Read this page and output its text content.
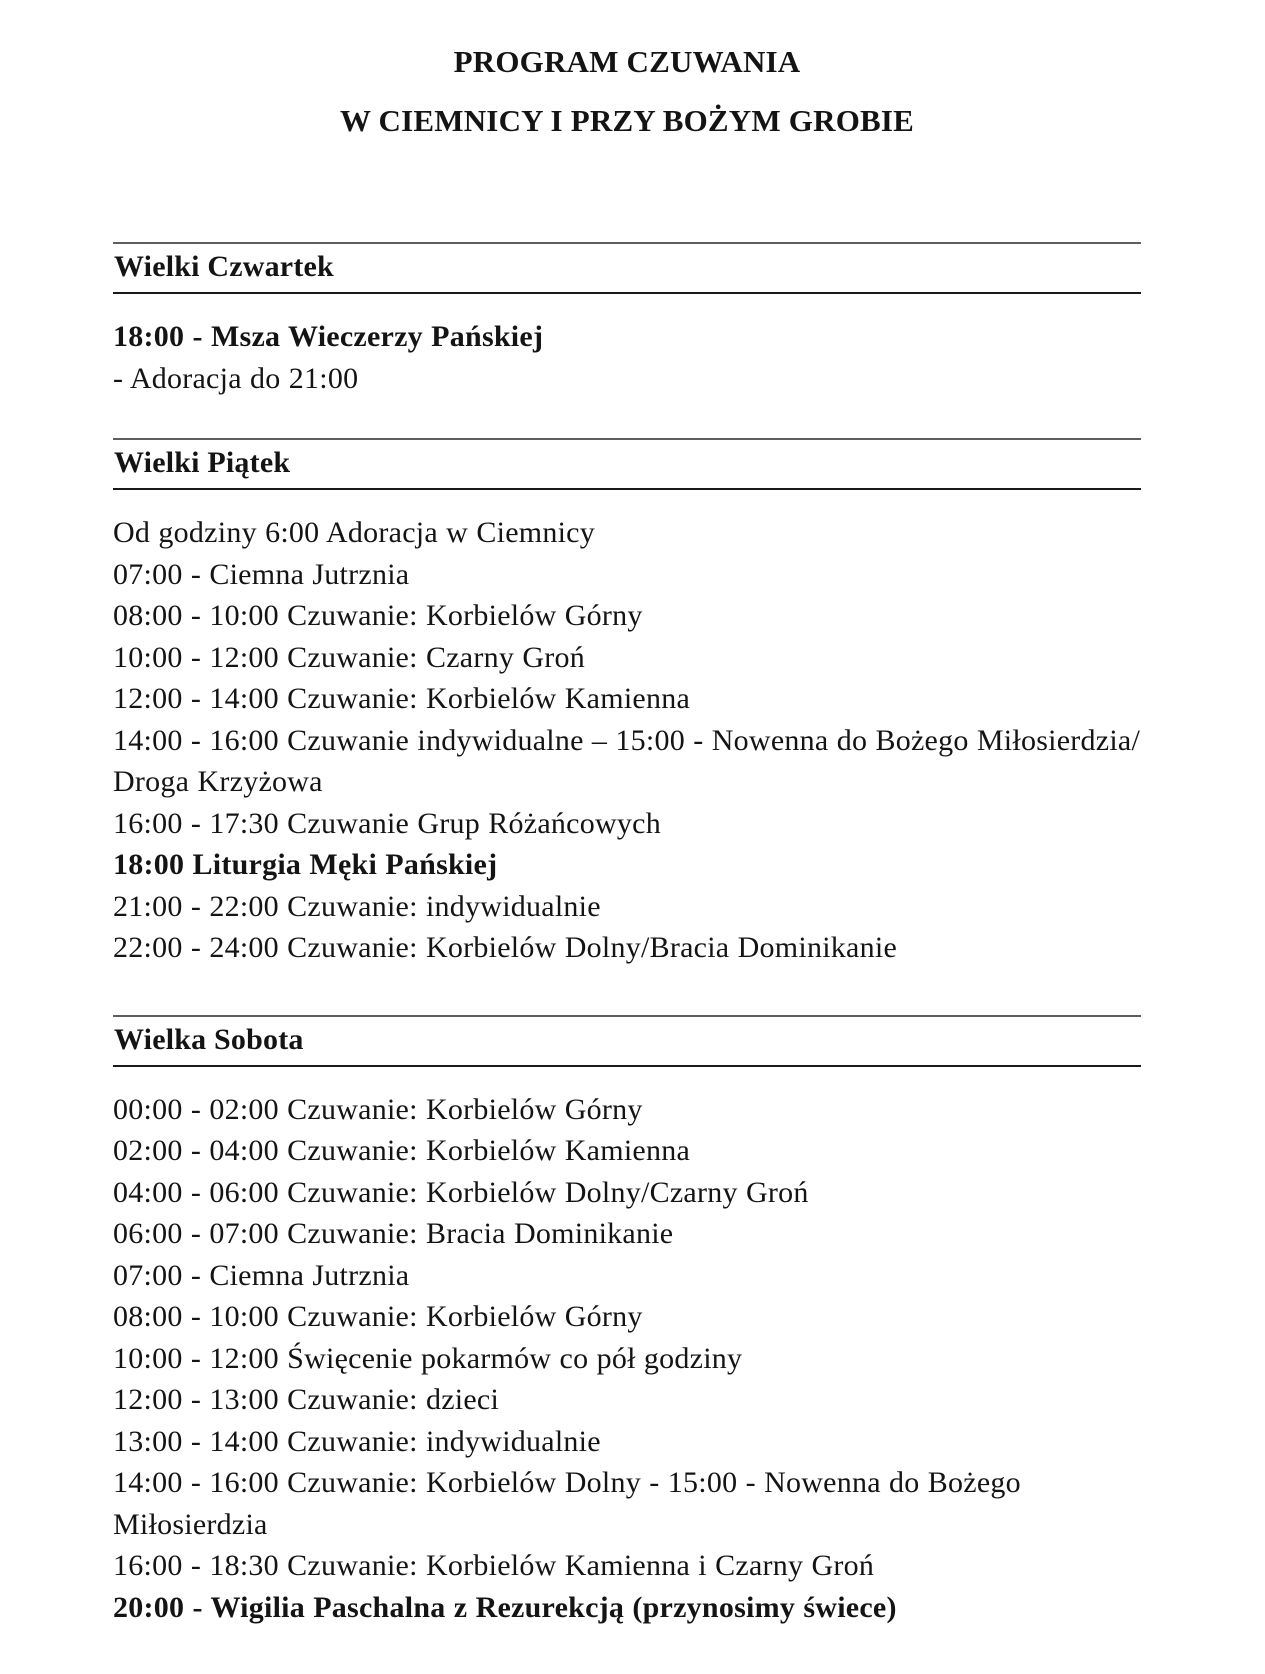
PROGRAM CZUWANIA
W CIEMNICY I PRZY BOŻYM GROBIE
Wielki Czwartek

18:00 - Msza Wieczerzy Pańskiej

- Adoracja do 21:00

Wielki Piątek

Od godziny 6:00 Adoracja w Ciemnicy

07:00 - Ciemna Jutrznia

08:00 - 10:00 Czuwanie: Korbielów Górny

10:00 - 12:00 Czuwanie: Czarny Groń

12:00 - 14:00 Czuwanie: Korbielów Kamienna

14:00 - 16:00 Czuwanie indywidualne – 15:00 - Nowenna do Bożego Miłosierdzia/ Droga Krzyżowa

16:00 - 17:30 Czuwanie Grup Różańcowych

18:00 Liturgia Męki Pańskiej

21:00 - 22:00 Czuwanie: indywidualnie

22:00 - 24:00 Czuwanie: Korbielów Dolny/Bracia Dominikanie

Wielka Sobota

00:00 - 02:00 Czuwanie: Korbielów Górny

02:00 - 04:00 Czuwanie: Korbielów Kamienna

04:00 - 06:00 Czuwanie: Korbielów Dolny/Czarny Groń

06:00 - 07:00 Czuwanie: Bracia Dominikanie

07:00 - Ciemna Jutrznia

08:00 - 10:00 Czuwanie: Korbielów Górny

10:00 - 12:00 Święcenie pokarmów co pół godziny

12:00 - 13:00 Czuwanie: dzieci

13:00 - 14:00 Czuwanie: indywidualnie

14:00 - 16:00 Czuwanie: Korbielów Dolny - 15:00 - Nowenna do Bożego Miłosierdzia

16:00 - 18:30 Czuwanie: Korbielów Kamienna i Czarny Groń

20:00 - Wigilia Paschalna z Rezurekcją (przynosimy świece)
